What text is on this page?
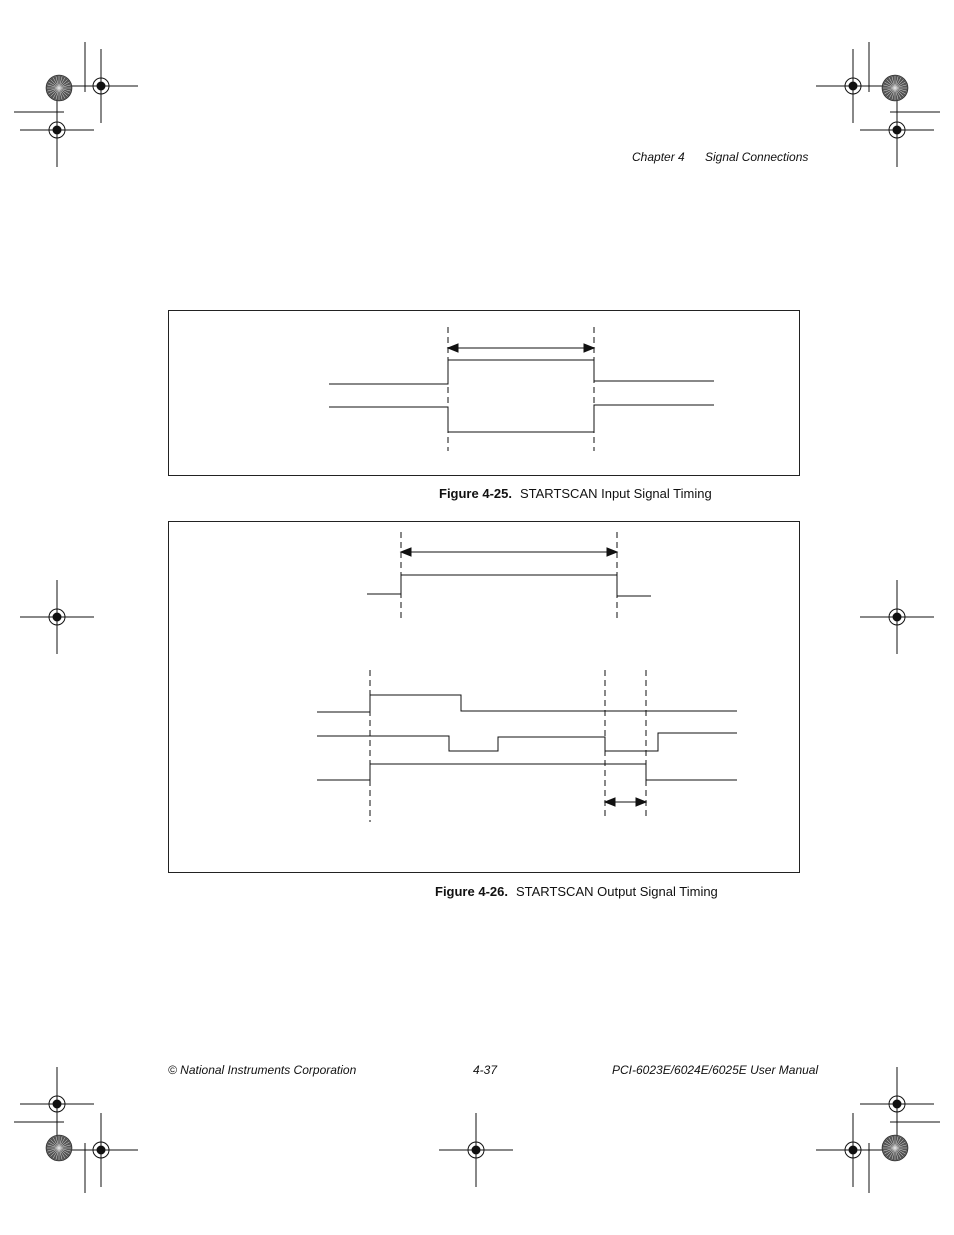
Chapter 4 Signal Connections
Figure 4-25. STARTSCAN Input Signal Timing
Figure 4-26. STARTSCAN Output Signal Timing
© National Instruments Corporation	4-37	PCI-6023E/6024E/6025E User Manual
